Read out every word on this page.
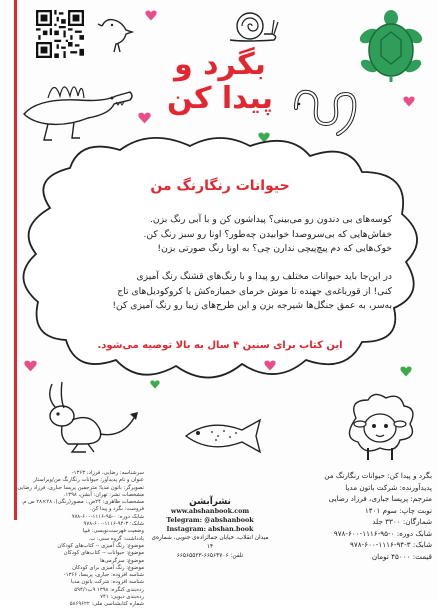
بگرد و
پیدا کن
حیوانات رنگارنگ من
کوسه‌های بی دندون رو می‌بینی؟ پیداشون کن و با آبی رنگ بزن.
خفاش‌هایی که بی‌سروصدا خوابیدن چه‌طور؟ اونا رو سبز رنگ کن.
خوک‌هایی که دم پیچ‌پیچی ندارن چی؟ به اونا رنگ صورتی بزن!
در این‌جا باید حیوانات مختلف رو پیدا و با رنگ‌های قشنگ رنگ آمیزی
کنی! از قورباغه‌ی جهنده تا موش خرمای خمیازه‌کش یا کروکودیل‌های تاج
به‌سر، به عمق جنگل‌ها شیرجه بزن و این طرح‌های زیبا رو رنگ آمیزی کن!
این کتاب برای سنین ۴ سال به بالا توصیه می‌شود.
بگرد و پیدا کن: حیوانات رنگارنگ من
پدیدآورنده: شرکت باتون مدیا
مترجم: پریسا جباری، فرزاد رضایی
نوبت چاپ: سوم ۱۴۰۱
شمارگان: ۳۳۰۰ جلد
شابک دوره: ۰-۹۵-۱۱۱۶-۶۰۰-۹۷۸
شابک: ۳-۹۴-۱۱۱۶-۶۰۰-۹۷۸
قیمت: ۴۵۰۰۰ تومان
نشرآبشن
www.abshanbook.com
Telegram: @abshanbook
Instagram: abshan.book
میدان انقلاب، خیابان جمالزاده‌ی جنوبی، شماره‌ی ۱۴
تلفن: ۶۶۵۶۴۷۰۶-۶۶۵۶۵۵۲۳
سرشناسه: رضایی، فرزاد، ۱۳۶۳-
عنوان و نام پدیدآور: حیوانات رنگارنگ من/ویراستار
تصویرگر: باتون مدیا؛ مترجمین پریسا جباری، فرزاد رضایی
مشخصات نشر: تهران: آبشن، ۱۳۹۸.
مشخصات ظاهری: ۲۴ص.: مصور(رنگی)، ۲۸×۲۸ س م.
فروست: بگرد و پیدا کن.
شابک دوره: ۰-۹۵-۱۱۱۶-۶۰۰-۹۷۸
شابک: ۳-۹۴-۱۱۱۶-۶۰۰-۹۷۸
وضعیت فهرست‌نویسی: فیپا
یادداشت: گروه سنی: ب.
موضوع: رنگ آمیزی -- کتاب‌های کودکان
موضوع: حیوانات -- کتاب‌های کودکان
موضوع: سرگرمی‌ها
موضوع: رنگ آمیزی برای کودکان
شناسه افزوده: جباری، پریسا، ۱۳۶۶-
شناسه افزوده: شرکت باتون مدیا
رده‌بندی کنگره: ۱۳۹۸ ۹ب۵۹۴/۱
رده‌بندی دیویی: ۷۴۱
شماره کتابشناسی ملی: ۵۸۶۹۶۲۲
